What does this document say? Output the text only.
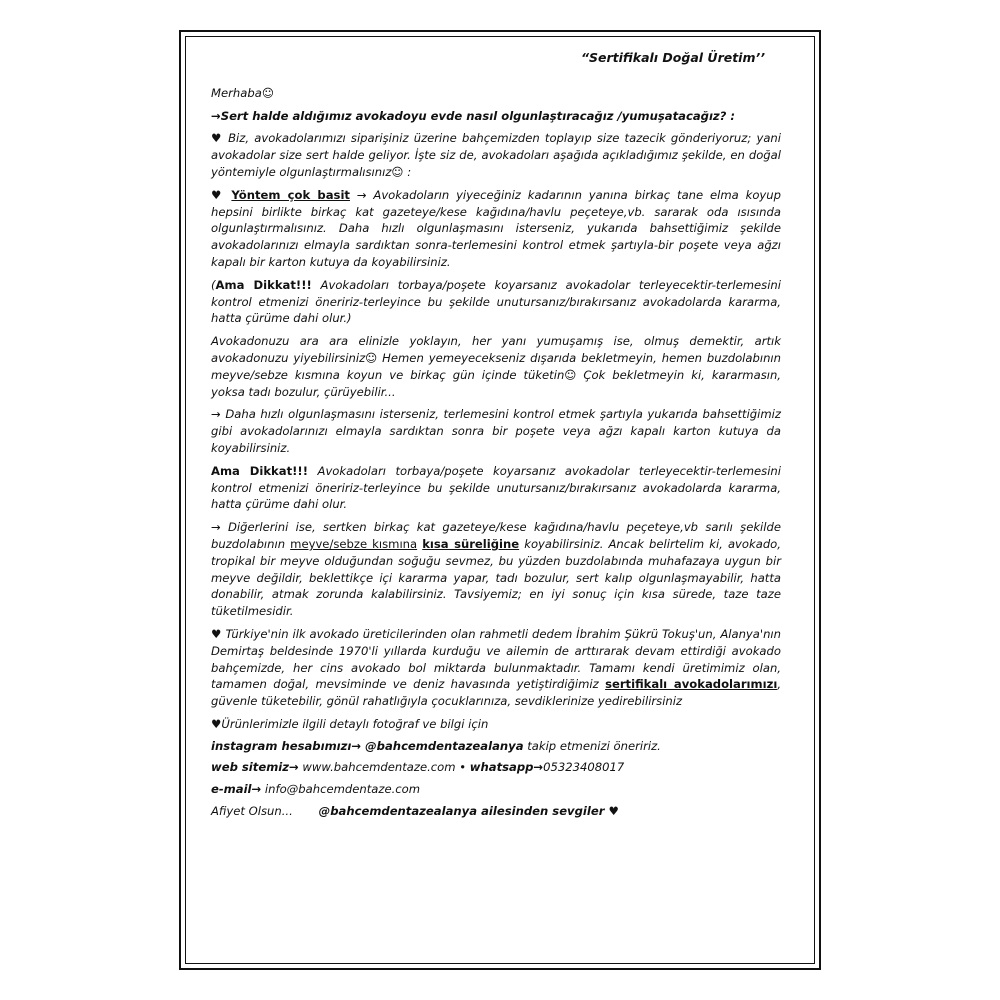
“Sertifikalı Doğal Üretim’’

Merhaba☺

→Sert halde aldığımız avokadoyu evde nasıl olgunlaştıracağız /yumuşatacağız? :

♥ Biz, avokadolarımızı siparişiniz üzerine bahçemizden toplayıp size tazecik gönderiyoruz; yani avokadolar size sert halde geliyor. İşte siz de, avokadoları aşağıda açıkladığımız şekilde, en doğal yöntemiyle olgunlaştırmalısınız☺ :

♥ Yöntem çok basit → Avokadoların yiyeceğiniz kadarının yanına birkaç tane elma koyup hepsini birlikte birkaç kat gazeteye/kese kağıdına/havlu peçeteye,vb. sararak oda ısısında olgunlaştırmalısınız. Daha hızlı olgunlaşmasını isterseniz, yukarıda bahsettiğimiz şekilde avokadolarınızı elmayla sardıktan sonra-terlemesini kontrol etmek şartıyla-bir poşete veya ağzı kapalı bir karton kutuya da koyabilirsiniz.

(Ama Dikkat!!! Avokadoları torbaya/poşete koyarsanız avokadolar terleyecektir-terlemesini kontrol etmenizi öneririz-terleyince bu şekilde unutursanız/bırakırsanız avokadolarda kararma, hatta çürüme dahi olur.)

Avokadonuzu ara ara elinizle yoklayın, her yanı yumuşamış ise, olmuş demektir, artık avokadonuzu yiyebilirsiniz☺ Hemen yemeyecekseniz dışarıda bekletmeyin, hemen buzdolabının meyve/sebze kısmına koyun ve birkaç gün içinde tüketin☺ Çok bekletmeyin ki, kararmasın, yoksa tadı bozulur, çürüyebilir...

→ Daha hızlı olgunlaşmasını isterseniz, terlemesini kontrol etmek şartıyla yukarıda bahsettiğimiz gibi avokadolarınızı elmayla sardıktan sonra bir poşete veya ağzı kapalı karton kutuya da koyabilirsiniz.

Ama Dikkat!!! Avokadoları torbaya/poşete koyarsanız avokadolar terleyecektir-terlemesini kontrol etmenizi öneririz-terleyince bu şekilde unutursanız/bırakırsanız avokadolarda kararma, hatta çürüme dahi olur.

→ Diğerlerini ise, sertken birkaç kat gazeteye/kese kağıdına/havlu peçeteye,vb sarılı şekilde buzdolabının meyve/sebze kısmına kısa süreliğine koyabilirsiniz. Ancak belirtelim ki, avokado, tropikal bir meyve olduğundan soğuğu sevmez, bu yüzden buzdolabında muhafazaya uygun bir meyve değildir, beklettikçe içi kararma yapar, tadı bozulur, sert kalıp olgunlaşmayabilir, hatta donabilir, atmak zorunda kalabilirsiniz. Tavsiyemiz; en iyi sonuç için kısa sürede, taze taze tüketilmesidir.

♥ Türkiye'nin ilk avokado üreticilerinden olan rahmetli dedem İbrahim Şükrü Tokuş'un, Alanya'nın Demirtaş beldesinde 1970'li yıllarda kurduğu ve ailemin de arttırarak devam ettirdiği avokado bahçemizde, her cins avokado bol miktarda bulunmaktadır. Tamamı kendi üretimimiz olan, tamamen doğal, mevsiminde ve deniz havasında yetiştirdiğimiz sertifikalı avokadolarımızı, güvenle tüketebilir, gönül rahatlığıyla çocuklarınıza, sevdiklerinize yedirebilirsiniz

♥Ürünlerimizle ilgili detaylı fotoğraf ve bilgi için

instagram hesabımızı→ @bahcemdentazealanya takip etmenizi öneririz.

web sitemiz→ www.bahcemdentaze.com • whatsapp→05323408017

e-mail→ info@bahcemdentaze.com

Afiyet Olsun... @bahcemdentazealanya ailesinden sevgiler ♥
